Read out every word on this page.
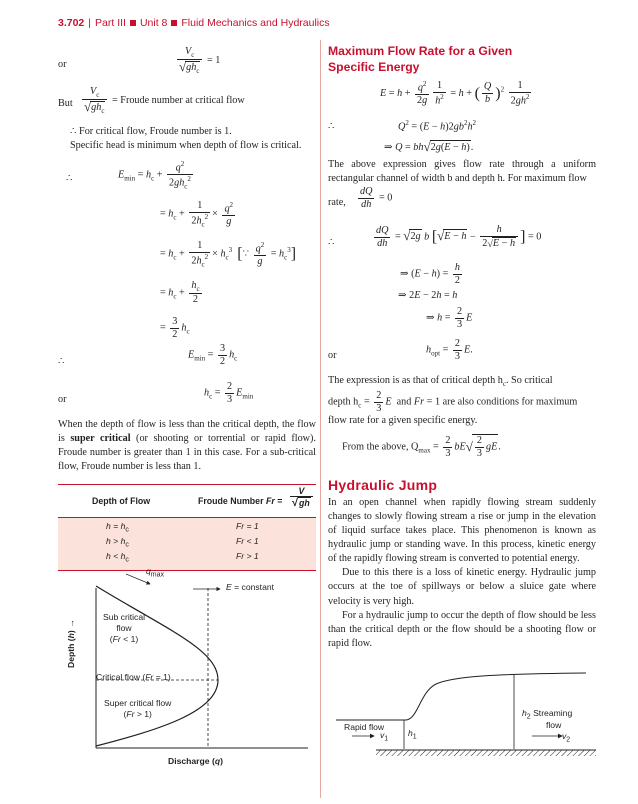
3.702 | Part III Unit 8 Fluid Mechanics and Hydraulics
or	$\frac{V_c}{√gh_c} = 1$
But $\frac{V_c}{√gh_c}$ = Froude number at critical flow
∴ For critical flow, Froude number is 1.
Specific head is minimum when depth of flow is critical.
∴	$E_{min} = h_c + \frac{q^2}{2gh_c^2}$
= $h_c + \frac{1}{2h_c^2} \times \frac{q^2}{g}$
= $h_c + \frac{1}{2h_c^2} \times h_c^3$ [∵ $\frac{q^2}{g} = h_c^3$]
= $h_c + \frac{h_c}{2}$
= $\frac{3}{2} h_c$
∴
$E_{min} = \frac{3}{2} h_c$
or
$h_c = \frac{2}{3} E_{min}$
When the depth of flow is less than the critical depth, the flow is super critical (or shooting or torrential or rapid flow). Froude number is greater than 1 in this case. For a sub-critical flow, Froude number is less than 1.
Depth of Flow	Froude Number $Fr = \frac{V}{√gh}$
$h = h_c$	Fr = 1
$h > h_c$	Fr < 1
$h < h_c$	Fr > 1
$q_{max}$
E = constant
Sub critical
flow
(Fr < 1)
Critical flow (Fr = 1)
Super critical flow
(Fr > 1)
Depth (h) →
Discharge (q)
Maximum Flow Rate for a Given
Specific Energy
$E = h + \frac{q^2}{2g} \frac{1}{h^2} = h$ + ( $\frac{Q}{b} )^2 \frac{1}{2gh^2}$
∴	$Q^2 = (E - h)2gb^2h^2$
⇒ Q = bh√2g(E − h).
The above expression gives flow rate through a uniform rectangular channel of width b and depth h. For maximum flow
rate, $\frac{dQ}{dh} = 0$
∴	$\frac{dQ}{dh} = √2g$ b [$√E - h - \frac{h}{2√E - h}$ ] = 0
⇒ $(E - h) = \frac{h}{2}$
⇒ 2E − 2h = h
⇒ $h = \frac{2}{3}$ E
or	$h_{opt} = \frac{2}{3} E$.
The expression is as that of critical depth $h_c$. So critical
depth $h_c = \frac{2}{3}$ E  and Fr = 1 are also conditions for maximum
flow rate for a given specific energy.
From the above, $Q_{max} = \frac{2}{3} bE√ \frac{2}{3}$ gE.
Hydraulic Jump
In an open channel when rapidly flowing stream suddenly changes to slowly flowing stream a rise or jump in the elevation of liquid surface takes place. This phenomenon is known as hydraulic jump or standing wave. In this process, kinetic energy of the rapidly flowing stream is converted to potential energy.
Due to this there is a loss of kinetic energy. Hydraulic jump occurs at the toe of spillways or below a sluice gate where velocity is very high.
For a hydraulic jump to occur the depth of flow should be less than the critical depth or the flow should be a shooting flow or rapid flow.
Rapid flow
$v_1$
$h_1$
$h_2$ Streaming
flow
$v_2$
